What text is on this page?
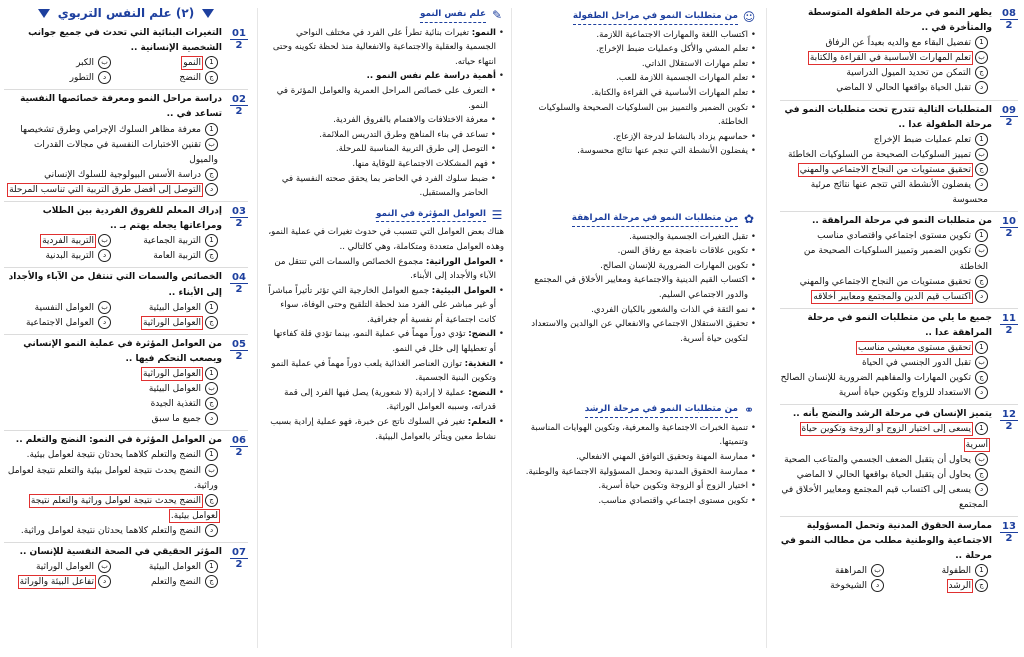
08
2
يظهر النمو في مرحلة الطفولة المتوسطة والمتأخرة في ..
1تفضيل البقاء مع والديه بعيداً عن الرفاق
بتعلم المهارات الأساسية في القراءة والكتابة
جالتمكن من تحديد الميول الدراسية
دتقبل الحياة بواقعها الحالي لا الماضي
09
2
المتطلبات التالية تتدرج تحت متطلبات النمو في مرحلة الطفولة عدا ..
1تعلم عمليات ضبط الإخراج
بتمييز السلوكيات الصحيحة من السلوكيات الخاطئة
جتحقيق مستويات من النجاح الاجتماعي والمهني
ديفضلون الأنشطة التي تتجم عنها نتائج مرئية محسوسة
10
2
من متطلبات النمو في مرحلة المراهقة ..
1تكوين مستوى اجتماعي واقتصادي مناسب
بتكوين الضمير وتمييز السلوكيات الصحيحة من الخاطئة
جتحقيق مستويات من النجاح الاجتماعي والمهني
داكتساب قيم الدين والمجتمع ومعايير أخلاقه
11
2
جميع ما يلي من متطلبات النمو في مرحلة المراهقة عدا ..
1تحقيق مستوى معيشي مناسب
بتقبل الدور الجنسي في الحياة
جتكوين المهارات والمفاهيم الضرورية للإنسان الصالح
دالاستعداد للزواج وتكوين حياة أسرية
12
2
يتميز الإنسان في مرحلة الرشد والنضج بأنه ..
1يسعى إلى اختيار الزوج أو الزوجة وتكوين حياة أسرية
بيحاول أن يتقبل الضعف الجسمي والمتاعب الصحية
جيحاول أن يتقبل الحياة بواقعها الحالي لا الماضي
ديسعى إلى اكتساب قيم المجتمع ومعايير الأخلاق في المجتمع
13
2
ممارسة الحقوق المدنية وتحمل المسؤولية الاجتماعية والوطنية مطلب من مطالب النمو في مرحلة ..
1الطفولة
بالمراهقة
جالرشد
دالشيخوخة
☺
من متطلبات النمو في مراحل الطفولة
• اكتساب اللغة والمهارات الاجتماعية اللازمة.
• تعلم المشي والأكل وعمليات ضبط الإخراج.
• تعلم مهارات الاستقلال الذاتي.
• تعلم المهارات الجسمية اللازمة للعب.
• تعلم المهارات الأساسية في القراءة والكتابة.
• تكوين الضمير والتمييز بين السلوكيات الصحيحة والسلوكيات الخاطئة.
• حماسهم يزداد بالنشاط لدرجة الإزعاج.
• يفضلون الأنشطة التي تنجم عنها نتائج محسوسة.
✿
من متطلبات النمو في مرحلة المراهقة
• تقبل التغيرات الجسمية والجنسية.
• تكوين علاقات ناضجة مع رفاق السن.
• تكوين المهارات الضرورية للإنسان الصالح.
• اكتساب القيم الدينية والاجتماعية ومعايير الأخلاق في المجتمع والدور الاجتماعي السليم.
• نمو الثقة في الذات والشعور بالكيان الفردي.
• تحقيق الاستقلال الاجتماعي والانفعالي عن الوالدين والاستعداد لتكوين حياة أسرية.
⚭
من متطلبات النمو في مرحلة الرشد
• تنمية الخبرات الاجتماعية والمعرفية، وتكوين الهوايات المناسبة وتنميتها.
• ممارسة المهنة وتحقيق التوافق المهني الانفعالي.
• ممارسة الحقوق المدنية وتحمل المسؤولية الاجتماعية والوطنية.
• اختيار الزوج أو الزوجة وتكوين حياة أسرية.
• تكوين مستوى اجتماعي واقتصادي مناسب.
✎
علم نفس النمو
• النمو: تغيرات بنائية تطرأ على الفرد في مختلف النواحي الجسمية والعقلية والاجتماعية والانفعالية منذ لحظة تكوينه وحتى انتهاء حياته.
• أهمية دراسة علم نفس النمو ..
• التعرف على خصائص المراحل العمرية والعوامل المؤثرة في النمو.
• معرفة الاختلافات والاهتمام بالفروق الفردية.
• تساعد في بناء المناهج وطرق التدريس الملائمة.
• التوصل إلى طرق التربية المناسبة للمرحلة.
• فهم المشكلات الاجتماعية للوقاية منها.
• ضبط سلوك الفرد في الحاضر بما يحقق صحته النفسية في الحاضر والمستقبل.
☰
العوامل المؤثرة في النمو
هناك بعض العوامل التي تتسبب في حدوث تغيرات في عملية النمو، وهذه العوامل متعددة ومتكاملة، وهي كالتالي ..
• العوامل الوراثية: مجموع الخصائص والسمات التي تنتقل من الآباء والأجداد إلى الأبناء.
• العوامل البيئية: جميع العوامل الخارجية التي تؤثر تأثيراً مباشراً أو غير مباشر على الفرد منذ لحظة التلقيح وحتى الوفاة، سواء كانت اجتماعية أم نفسية أم جغرافية.
• النضج: تؤدي دوراً مهماً في عملية النمو، بينما تؤدي قلة كفاءتها أو تعطيلها إلى خلل في النمو.
• التغذية: توازن العناصر الغذائية يلعب دوراً مهماً في عملية النمو وتكوين البنية الجسمية.
• النضج: عملية لا إرادية (لا شعورية) يصل فيها الفرد إلى قمة قدراته، وسببه العوامل الوراثية.
• التعلم: تغير في السلوك ناتج عن خبرة، فهو عملية إرادية بسبب نشاط معين ويتأثر بالعوامل البيئية.
(٢) علم النفس التربوي
01
2
التغيرات البنائية التي تحدث في جميع جوانب الشخصية الإنسانية ..
1النمو
بالكبر
جالنضج
دالتطور
02
2
دراسة مراحل النمو ومعرفة خصائصها النفسية تساعد في ..
1معرفة مظاهر السلوك الإجرامي وطرق تشخيصها
بتقنين الاختبارات النفسية في مجالات القدرات والميول
جدراسة الأسس البيولوجية للسلوك الإنساني
دالتوصل إلى أفضل طرق التربية التي تناسب المرحلة
03
2
إدراك المعلم للفروق الفردية بين الطلاب ومراعاتها يجعله يهتم بـ ..
1التربية الجماعية
بالتربية الفردية
جالتربية العامة
دالتربية البدنية
04
2
الخصائص والسمات التي تنتقل من الآباء والأجداد إلى الأبناء ..
1العوامل البيئية
بالعوامل النفسية
جالعوامل الوراثية
دالعوامل الاجتماعية
05
2
من العوامل المؤثرة في عملية النمو الإنساني ويصعب التحكم فيها ..
1العوامل الوراثية
بالعوامل البيئية
جالتغذية الجيدة
دجميع ما سبق
06
2
من العوامل المؤثرة في النمو: النضج والتعلم ..
1النضج والتعلم كلاهما يحدثان نتيجة لعوامل بيئية.
بالنضج يحدث نتيجة لعوامل بيئية والتعلم نتيجة لعوامل وراثية.
جالنضج يحدث نتيجة لعوامل وراثية والتعلم نتيجة لعوامل بيئية.
دالنضج والتعلم كلاهما يحدثان نتيجة لعوامل وراثية.
07
2
المؤثر الحقيقي في الصحة النفسية للإنسان ..
1العوامل البيئية
بالعوامل الوراثية
جالنضج والتعلم
دتفاعل البيئة والوراثة
